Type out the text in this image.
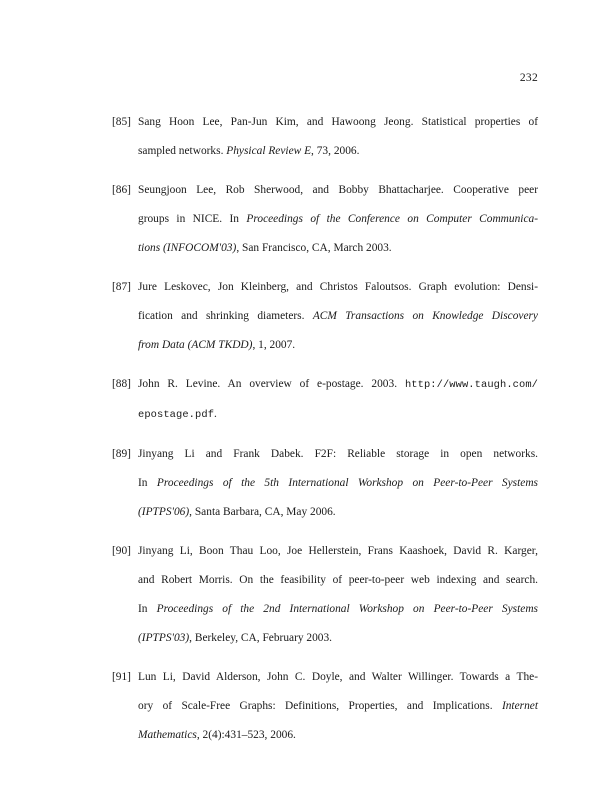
232
[85] Sang Hoon Lee, Pan-Jun Kim, and Hawoong Jeong. Statistical properties of
sampled networks. Physical Review E, 73, 2006.
[86] Seungjoon Lee, Rob Sherwood, and Bobby Bhattacharjee. Cooperative peer
groups in NICE. In Proceedings of the Conference on Computer Communica-
tions (INFOCOM'03), San Francisco, CA, March 2003.
[87] Jure Leskovec, Jon Kleinberg, and Christos Faloutsos. Graph evolution: Densi-
fication and shrinking diameters. ACM Transactions on Knowledge Discovery
from Data (ACM TKDD), 1, 2007.
[88] John R. Levine. An overview of e-postage. 2003. http://www.taugh.com/
epostage.pdf.
[89] Jinyang Li and Frank Dabek. F2F: Reliable storage in open networks.
In Proceedings of the 5th International Workshop on Peer-to-Peer Systems
(IPTPS'06), Santa Barbara, CA, May 2006.
[90] Jinyang Li, Boon Thau Loo, Joe Hellerstein, Frans Kaashoek, David R. Karger,
and Robert Morris. On the feasibility of peer-to-peer web indexing and search.
In Proceedings of the 2nd International Workshop on Peer-to-Peer Systems
(IPTPS'03), Berkeley, CA, February 2003.
[91] Lun Li, David Alderson, John C. Doyle, and Walter Willinger. Towards a The-
ory of Scale-Free Graphs: Definitions, Properties, and Implications. Internet
Mathematics, 2(4):431–523, 2006.
